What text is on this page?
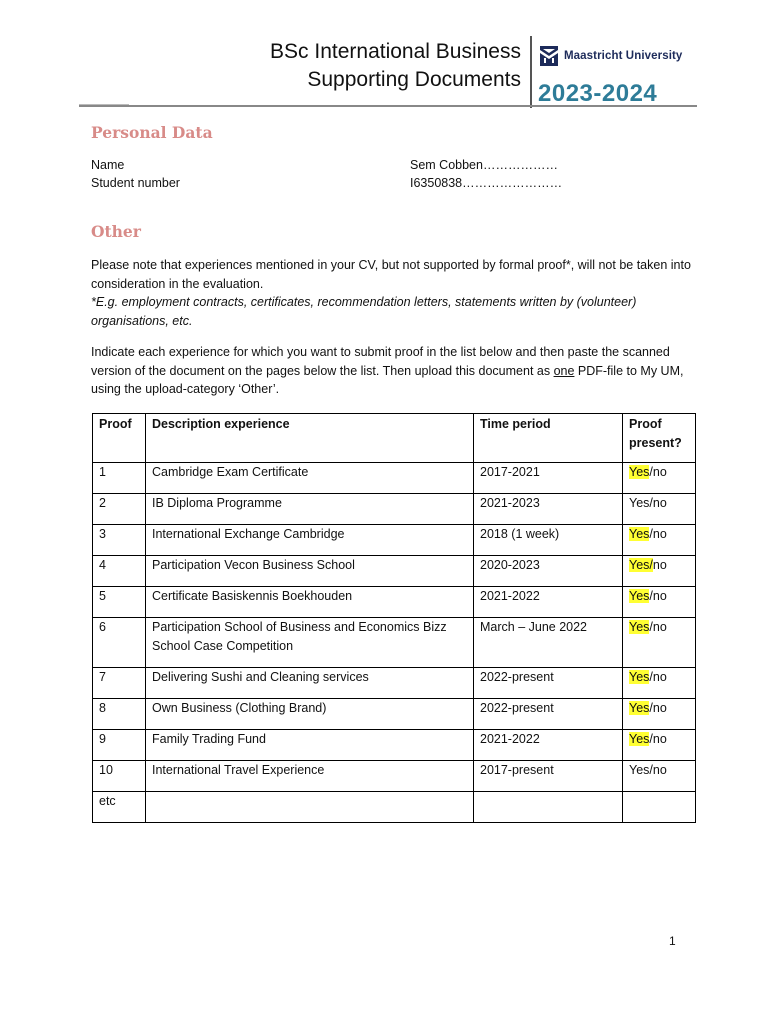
BSc International Business
Supporting Documents
Maastricht University
2023-2024
Personal Data
Name	Sem Cobben………………
Student number	I6350838……………………
Other
Please note that experiences mentioned in your CV, but not supported by formal proof*, will not be taken into consideration in the evaluation.
*E.g. employment contracts, certificates, recommendation letters, statements written by (volunteer) organisations, etc.
Indicate each experience for which you want to submit proof in the list below and then paste the scanned version of the document on the pages below the list. Then upload this document as one PDF-file to My UM, using the upload-category ‘Other’.
Proof	Description experience	Time period	Proof present?
1	Cambridge Exam Certificate	2017-2021	Yes/no
2	IB Diploma Programme	2021-2023	Yes/no
3	International Exchange Cambridge	2018 (1 week)	Yes/no
4	Participation Vecon Business School	2020-2023	Yes/no
5	Certificate Basiskennis Boekhouden	2021-2022	Yes/no
6	Participation School of Business and Economics Bizz School Case Competition	March – June 2022	Yes/no
7	Delivering Sushi and Cleaning services	2022-present	Yes/no
8	Own Business (Clothing Brand)	2022-present	Yes/no
9	Family Trading Fund	2021-2022	Yes/no
10	International Travel Experience	2017-present	Yes/no
etc			
1
